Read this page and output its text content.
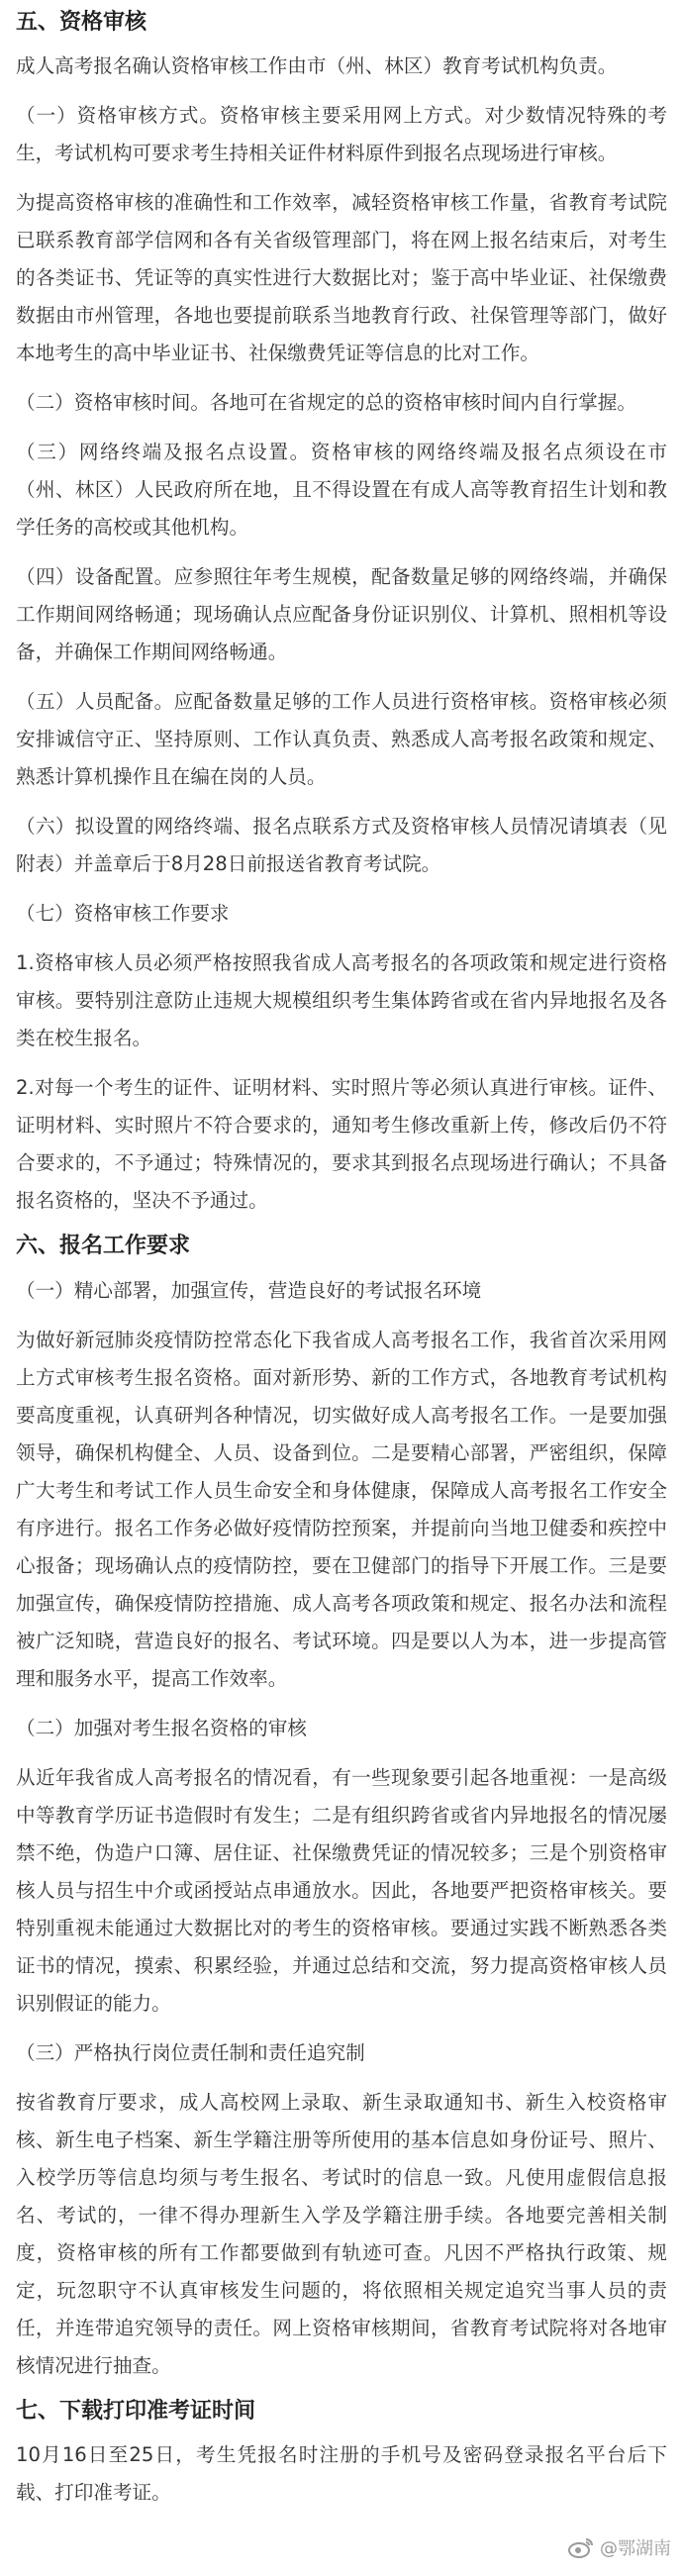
五、资格审核

成人高考报名确认资格审核工作由市（州、林区）教育考试机构负责。

（一）资格审核方式。资格审核主要采用网上方式。对少数情况特殊的考生，考试机构可要求考生持相关证件材料原件到报名点现场进行审核。

为提高资格审核的准确性和工作效率，减轻资格审核工作量，省教育考试院已联系教育部学信网和各有关省级管理部门，将在网上报名结束后，对考生的各类证书、凭证等的真实性进行大数据比对；鉴于高中毕业证、社保缴费数据由市州管理，各地也要提前联系当地教育行政、社保管理等部门，做好本地考生的高中毕业证书、社保缴费凭证等信息的比对工作。

（二）资格审核时间。各地可在省规定的总的资格审核时间内自行掌握。

（三）网络终端及报名点设置。资格审核的网络终端及报名点须设在市（州、林区）人民政府所在地，且不得设置在有成人高等教育招生计划和教学任务的高校或其他机构。

（四）设备配置。应参照往年考生规模，配备数量足够的网络终端，并确保工作期间网络畅通；现场确认点应配备身份证识别仪、计算机、照相机等设备，并确保工作期间网络畅通。

（五）人员配备。应配备数量足够的工作人员进行资格审核。资格审核必须安排诚信守正、坚持原则、工作认真负责、熟悉成人高考报名政策和规定、熟悉计算机操作且在编在岗的人员。

（六）拟设置的网络终端、报名点联系方式及资格审核人员情况请填表（见附表）并盖章后于8月28日前报送省教育考试院。

（七）资格审核工作要求

1.资格审核人员必须严格按照我省成人高考报名的各项政策和规定进行资格审核。要特别注意防止违规大规模组织考生集体跨省或在省内异地报名及各类在校生报名。

2.对每一个考生的证件、证明材料、实时照片等必须认真进行审核。证件、证明材料、实时照片不符合要求的，通知考生修改重新上传，修改后仍不符合要求的，不予通过；特殊情况的，要求其到报名点现场进行确认；不具备报名资格的，坚决不予通过。

六、报名工作要求

（一）精心部署，加强宣传，营造良好的考试报名环境

为做好新冠肺炎疫情防控常态化下我省成人高考报名工作，我省首次采用网上方式审核考生报名资格。面对新形势、新的工作方式，各地教育考试机构要高度重视，认真研判各种情况，切实做好成人高考报名工作。一是要加强领导，确保机构健全、人员、设备到位。二是要精心部署，严密组织，保障广大考生和考试工作人员生命安全和身体健康，保障成人高考报名工作安全有序进行。报名工作务必做好疫情防控预案，并提前向当地卫健委和疾控中心报备；现场确认点的疫情防控，要在卫健部门的指导下开展工作。三是要加强宣传，确保疫情防控措施、成人高考各项政策和规定、报名办法和流程被广泛知晓，营造良好的报名、考试环境。四是要以人为本，进一步提高管理和服务水平，提高工作效率。

（二）加强对考生报名资格的审核

从近年我省成人高考报名的情况看，有一些现象要引起各地重视：一是高级中等教育学历证书造假时有发生；二是有组织跨省或省内异地报名的情况屡禁不绝，伪造户口簿、居住证、社保缴费凭证的情况较多；三是个别资格审核人员与招生中介或函授站点串通放水。因此，各地要严把资格审核关。要特别重视未能通过大数据比对的考生的资格审核。要通过实践不断熟悉各类证书的情况，摸索、积累经验，并通过总结和交流，努力提高资格审核人员识别假证的能力。

（三）严格执行岗位责任制和责任追究制

按省教育厅要求，成人高校网上录取、新生录取通知书、新生入校资格审核、新生电子档案、新生学籍注册等所使用的基本信息如身份证号、照片、入校学历等信息均须与考生报名、考试时的信息一致。凡使用虚假信息报名、考试的，一律不得办理新生入学及学籍注册手续。各地要完善相关制度，资格审核的所有工作都要做到有轨迹可查。凡因不严格执行政策、规定，玩忽职守不认真审核发生问题的，将依照相关规定追究当事人员的责任，并连带追究领导的责任。网上资格审核期间，省教育考试院将对各地审核情况进行抽查。

七、下载打印准考证时间

10月16日至25日，考生凭报名时注册的手机号及密码登录报名平台后下载、打印准考证。

@鄂湖南
